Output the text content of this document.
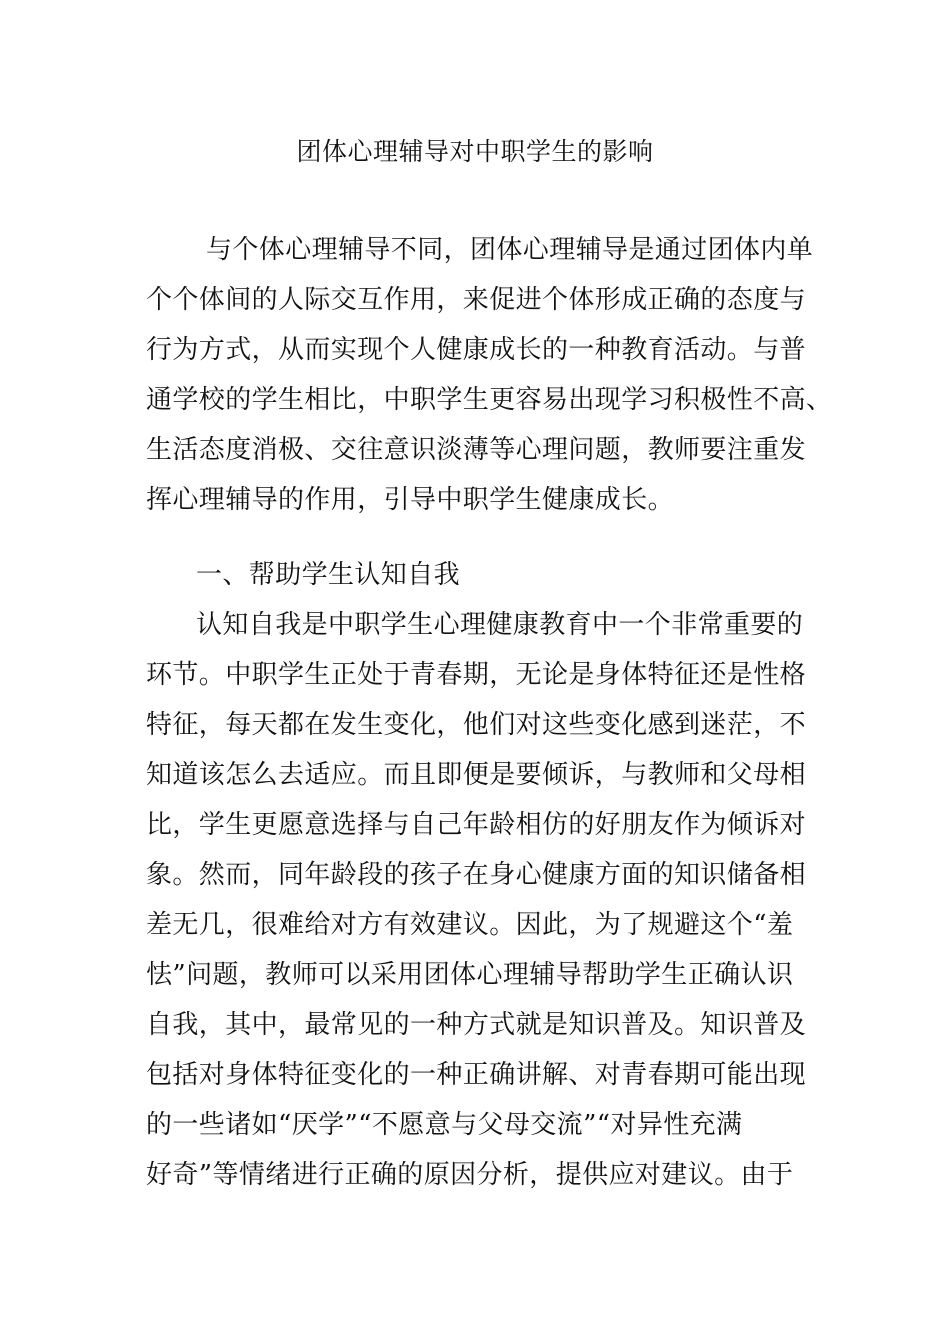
团体心理辅导对中职学生的影响
与个体心理辅导不同，团体心理辅导是通过团体内单
个个体间的人际交互作用，来促进个体形成正确的态度与
行为方式，从而实现个人健康成长的一种教育活动。与普
通学校的学生相比，中职学生更容易出现学习积极性不高、
生活态度消极、交往意识淡薄等心理问题，教师要注重发
挥心理辅导的作用，引导中职学生健康成长。
一、帮助学生认知自我
认知自我是中职学生心理健康教育中一个非常重要的
环节。中职学生正处于青春期，无论是身体特征还是性格
特征，每天都在发生变化，他们对这些变化感到迷茫，不
知道该怎么去适应。而且即便是要倾诉，与教师和父母相
比，学生更愿意选择与自己年龄相仿的好朋友作为倾诉对
象。然而，同年龄段的孩子在身心健康方面的知识储备相
差无几，很难给对方有效建议。因此，为了规避这个“羞
怯”问题，教师可以采用团体心理辅导帮助学生正确认识
自我，其中，最常见的一种方式就是知识普及。知识普及
包括对身体特征变化的一种正确讲解、对青春期可能出现
的一些诸如“厌学”“不愿意与父母交流”“对异性充满
好奇”等情绪进行正确的原因分析，提供应对建议。由于
